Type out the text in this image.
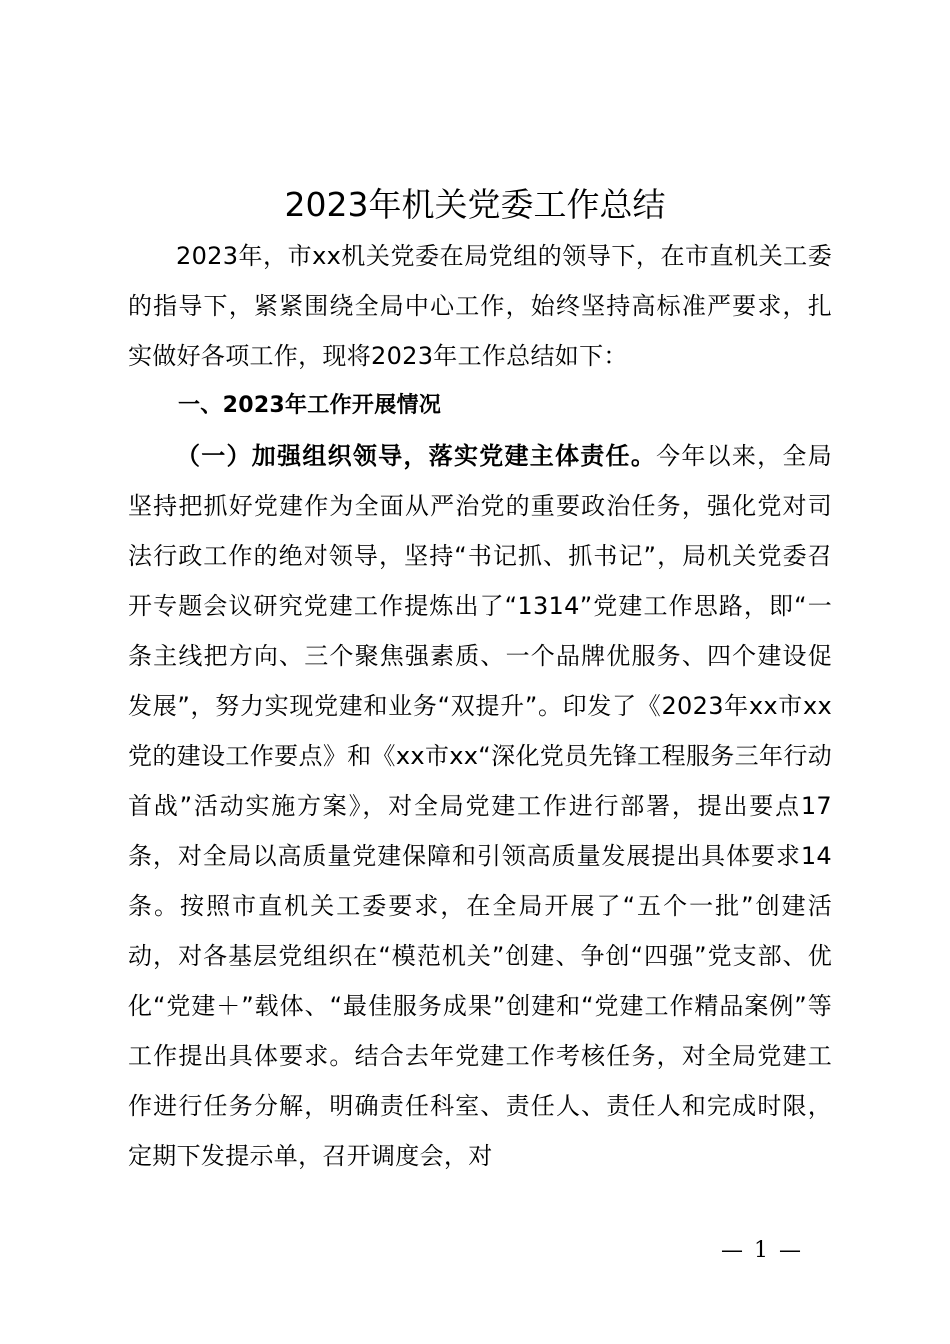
2023年机关党委工作总结

2023年，市xx机关党委在局党组的领导下，在市直机关工委的指导下，紧紧围绕全局中心工作，始终坚持高标准严要求，扎实做好各项工作，现将2023年工作总结如下：

一、2023年工作开展情况

（一）加强组织领导，落实党建主体责任。今年以来，全局坚持把抓好党建作为全面从严治党的重要政治任务，强化党对司法行政工作的绝对领导，坚持“书记抓、抓书记”，局机关党委召开专题会议研究党建工作提炼出了“1314”党建工作思路，即“一条主线把方向、三个聚焦强素质、一个品牌优服务、四个建设促发展”，努力实现党建和业务“双提升”。印发了《2023年xx市xx党的建设工作要点》和《xx市xx“深化党员先锋工程服务三年行动首战”活动实施方案》，对全局党建工作进行部署，提出要点17条，对全局以高质量党建保障和引领高质量发展提出具体要求14条。按照市直机关工委要求，在全局开展了“五个一批”创建活动，对各基层党组织在“模范机关”创建、争创“四强”党支部、优化“党建＋”载体、“最佳服务成果”创建和“党建工作精品案例”等工作提出具体要求。结合去年党建工作考核任务，对全局党建工作进行任务分解，明确责任科室、责任人、责任人和完成时限，定期下发提示单，召开调度会，对

— 1 —
